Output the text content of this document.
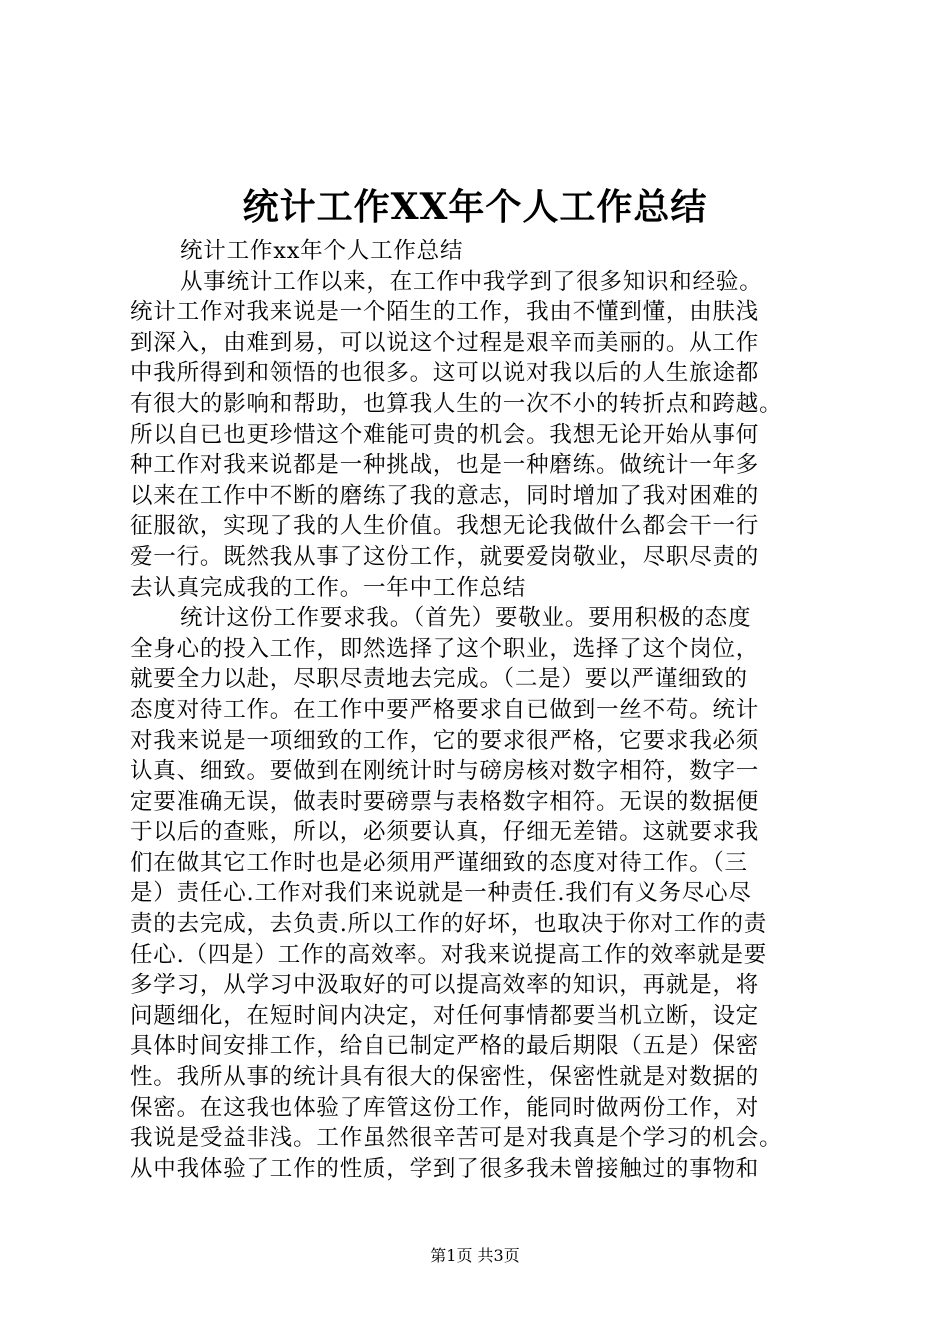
统计工作XX年个人工作总结
统计工作xx年个人工作总结
从事统计工作以来，在工作中我学到了很多知识和经验。
统计工作对我来说是一个陌生的工作，我由不懂到懂，由肤浅
到深入，由难到易，可以说这个过程是艰辛而美丽的。从工作
中我所得到和领悟的也很多。这可以说对我以后的人生旅途都
有很大的影响和帮助，也算我人生的一次不小的转折点和跨越。
所以自已也更珍惜这个难能可贵的机会。我想无论开始从事何
种工作对我来说都是一种挑战，也是一种磨练。做统计一年多
以来在工作中不断的磨练了我的意志，同时增加了我对困难的
征服欲，实现了我的人生价值。我想无论我做什么都会干一行
爱一行。既然我从事了这份工作，就要爱岗敬业，尽职尽责的
去认真完成我的工作。一年中工作总结
统计这份工作要求我。（首先）要敬业。要用积极的态度
全身心的投入工作，即然选择了这个职业，选择了这个岗位，
就要全力以赴，尽职尽责地去完成。（二是）要以严谨细致的
态度对待工作。在工作中要严格要求自已做到一丝不苟。统计
对我来说是一项细致的工作，它的要求很严格，它要求我必须
认真、细致。要做到在刚统计时与磅房核对数字相符，数字一
定要准确无误，做表时要磅票与表格数字相符。无误的数据便
于以后的查账，所以，必须要认真，仔细无差错。这就要求我
们在做其它工作时也是必须用严谨细致的态度对待工作。（三
是）责任心.工作对我们来说就是一种责任.我们有义务尽心尽
责的去完成，去负责.所以工作的好坏，也取决于你对工作的责
任心.（四是）工作的高效率。对我来说提高工作的效率就是要
多学习，从学习中汲取好的可以提高效率的知识，再就是，将
问题细化，在短时间内决定，对任何事情都要当机立断，设定
具体时间安排工作，给自已制定严格的最后期限（五是）保密
性。我所从事的统计具有很大的保密性，保密性就是对数据的
保密。在这我也体验了库管这份工作，能同时做两份工作，对
我说是受益非浅。工作虽然很辛苦可是对我真是个学习的机会。
从中我体验了工作的性质，学到了很多我未曾接触过的事物和
第1页 共3页
